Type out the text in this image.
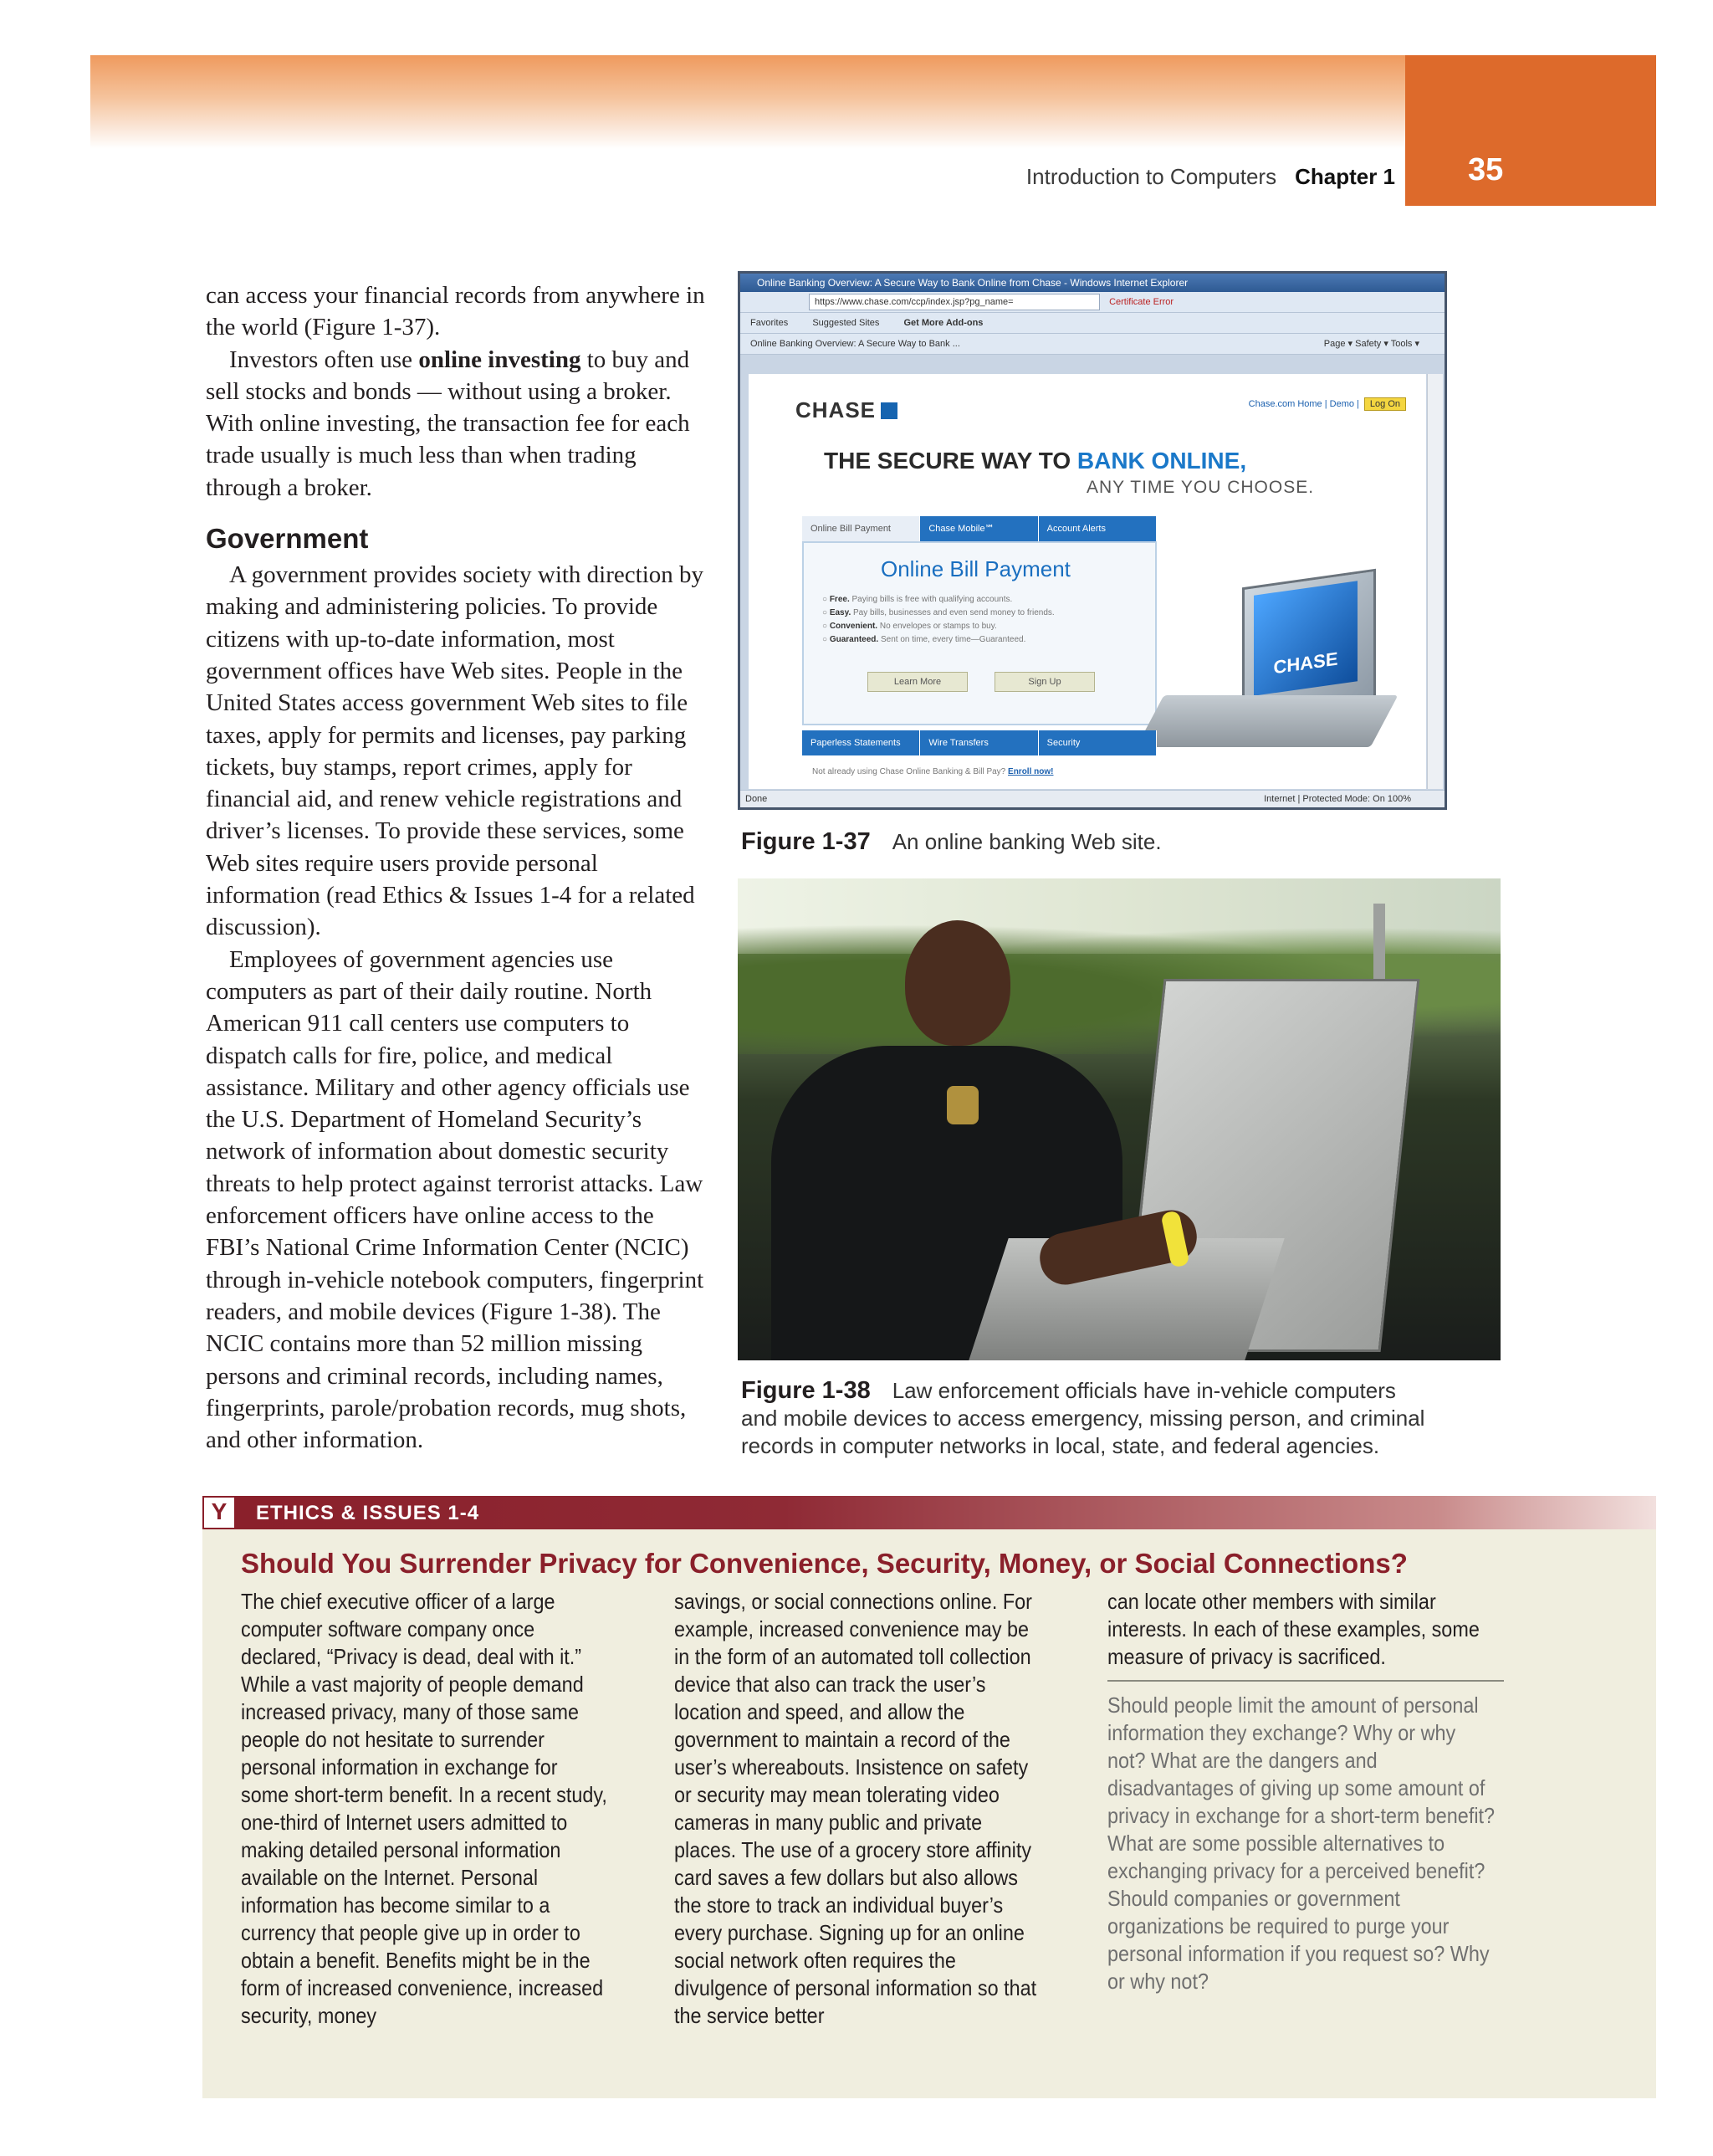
Introduction to Computers Chapter 1 35

can access your financial records from anywhere in the world (Figure 1-37).

Investors often use online investing to buy and sell stocks and bonds — without using a broker. With online investing, the transaction fee for each trade usually is much less than when trading through a broker.

Government

A government provides society with direction by making and administering policies. To provide citizens with up-to-date information, most government offices have Web sites. People in the United States access government Web sites to file taxes, apply for permits and licenses, pay parking tickets, buy stamps, report crimes, apply for financial aid, and renew vehicle registrations and driver’s licenses. To provide these services, some Web sites require users provide personal information (read Ethics & Issues 1-4 for a related discussion).

Employees of government agencies use computers as part of their daily routine. North American 911 call centers use computers to dispatch calls for fire, police, and medical assistance. Military and other agency officials use the U.S. Department of Homeland Security’s network of information about domestic security threats to help protect against terrorist attacks. Law enforcement officers have online access to the FBI’s National Crime Information Center (NCIC) through in-vehicle notebook computers, fingerprint readers, and mobile devices (Figure 1-38). The NCIC contains more than 52 million missing persons and criminal records, including names, fingerprints, parole/probation records, mug shots, and other information.

Online Banking Overview: A Secure Way to Bank Online from Chase - Windows Internet Explorer
https://www.chase.com/ccp/index.jsp?pg_name=	Certificate Error
Favorites	Suggested Sites	Get More Add-ons
Online Banking Overview: A Secure Way to Bank ...	Page ▾ Safety ▾ Tools ▾
CHASE	Chase.com Home | Demo | Log On
THE SECURE WAY TO BANK ONLINE,
ANY TIME YOU CHOOSE.
Online Bill Payment	Chase Mobile℠	Account Alerts
Online Bill Payment
○ Free. Paying bills is free with qualifying accounts.
○ Easy. Pay bills, businesses and even send money to friends.
○ Convenient. No envelopes or stamps to buy.
○ Guaranteed. Sent on time, every time—Guaranteed.
Learn More	Sign Up
CHASE
Paperless Statements	Wire Transfers	Security
Not already using Chase Online Banking & Bill Pay? Enroll now!
Done	Internet | Protected Mode: On 100%
Figure 1-37 An online banking Web site.
Figure 1-38 Law enforcement officials have in-vehicle computers
and mobile devices to access emergency, missing person, and criminal
records in computer networks in local, state, and federal agencies.
Y	ETHICS & ISSUES 1-4
Should You Surrender Privacy for Convenience, Security, Money, or Social Connections?

The chief executive officer of a large computer software company once declared, “Privacy is dead, deal with it.” While a vast majority of people demand increased privacy, many of those same people do not hesitate to surrender personal information in exchange for some short-term benefit. In a recent study, one-third of Internet users admitted to making detailed personal information available on the Internet. Personal information has become similar to a currency that people give up in order to obtain a benefit. Benefits might be in the form of increased convenience, increased security, money

savings, or social connections online. For example, increased convenience may be in the form of an automated toll collection device that also can track the user’s location and speed, and allow the government to maintain a record of the user’s whereabouts. Insistence on safety or security may mean tolerating video cameras in many public and private places. The use of a grocery store affinity card saves a few dollars but also allows the store to track an individual buyer’s every purchase. Signing up for an online social network often requires the divulgence of personal information so that the service better

can locate other members with similar interests. In each of these examples, some measure of privacy is sacrificed.

Should people limit the amount of personal information they exchange? Why or why not? What are the dangers and disadvantages of giving up some amount of privacy in exchange for a short-term benefit? What are some possible alternatives to exchanging privacy for a perceived benefit? Should companies or government organizations be required to purge your personal information if you request so? Why or why not?
